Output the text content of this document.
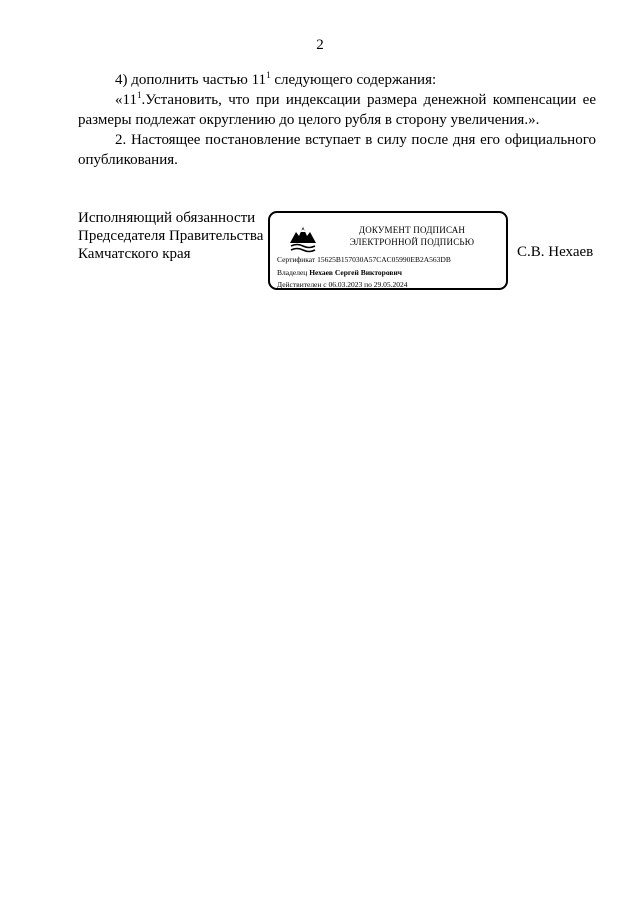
2

4) дополнить частью $11^1$ следующего содержания:

«$11^1.Установить$, что при индексации размера денежной компенсации ее размеры подлежат округлению до целого рубля в сторону увеличения.».

2. Настоящее постановление вступает в силу после дня его официального опубликования.

Исполняющий обязанности
Председателя Правительства
Камчатского края
ДОКУМЕНТ ПОДПИСАН
ЭЛЕКТРОННОЙ ПОДПИСЬЮ
Сертификат 15625B157030A57CAC05990EB2A563DB
Владелец Нехаев Сергей Викторович
Действителен с 06.03.2023 по 29.05.2024
С.В. Нехаев
